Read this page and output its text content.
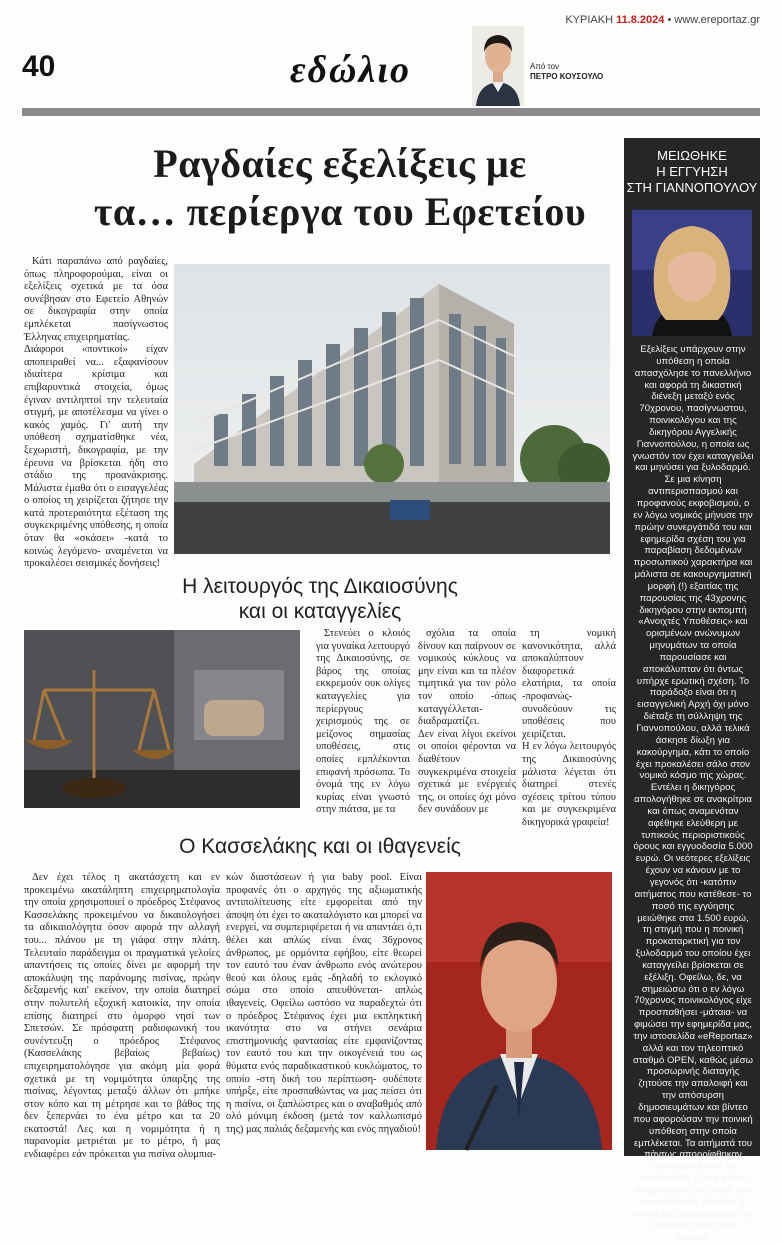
ΚΥΡΙΑΚΗ 11.8.2024 • www.ereportaz.gr
40	εδώλιο	Από τον
ΠΕΤΡΟ ΚΟΥΣΟΥΛΟ
Ραγδαίες εξελίξεις με
τα… περίεργα του Εφετείου
Κάτι παραπάνω από ραγδαίες, όπως πληροφορούμαι, είναι οι εξελίξεις σχετικά με τα όσα συνέβησαν στο Εφετείο Αθηνών σε δικογραφία στην οποία εμπλέκεται πασίγνωστος Έλληνας επιχειρηματίας.
Διάφοροι «ποντικοί» είχαν αποπειραθεί να... εξαφανίσουν ιδιαίτερα κρίσιμα και επιβαρυντικά στοιχεία, όμως έγιναν αντιληπτοί την τελευταία στιγμή, με αποτέλεσμα να γίνει ο κακός χαμός. Γι' αυτή την υπόθεση σχηματίσθηκε νέα, ξεχωριστή, δικογραφία, με την έρευνα να βρίσκεται ήδη στο στάδιο της προανάκρισης. Μάλιστα έμαθα ότι ο εισαγγελέας ο οποίος τη χειρίζεται ζήτησε την κατά προτεραιότητα εξέταση της συγκεκριμένης υπόθεσης, η οποία όταν θα «σκάσει» -κατά το κοινώς λεγόμενο- αναμένεται να προκαλέσει σεισμικές δονήσεις!
Η λειτουργός της Δικαιοσύνης
και οι καταγγελίες
Στενεύει ο κλοιός για γυναίκα λειτουργό της Δικαιοσύνης, σε βάρος της οποίας εκκρεμούν ουκ ολίγες καταγγελίες για περίεργους χειρισμούς της σε μείζονος σημασίας υποθέσεις, στις οποίες εμπλέκονται επιφανή πρόσωπα. Το όνομά της εν λόγω κυρίας είναι γνωστό στην πιάτσα, με τα
σχόλια τα οποία δίνουν και παίρνουν σε νομικούς κύκλους να μην είναι και τα πλέον τιμητικά για τον ρόλο τον οποίο -όπως καταγγέλλεται- διαδραματίζει.
Δεν είναι λίγοι εκείνοι οι οποίοι φέρονται να διαθέτουν συγκεκριμένα στοιχεία σχετικά με ενέργειές της, οι οποίες όχι μόνο δεν συνάδουν με
τη νομική κανονικότητα, αλλά αποκαλύπτουν διαφορετικά ελατήρια, τα οποία -προφανώς- συνοδεύουν τις υποθέσεις που χειρίζεται.
Η εν λόγω λειτουργός της Δικαιοσύνης μάλιστα λέγεται ότι διατηρεί στενές σχέσεις τρίτου τύπου και με συγκεκριμένα δικηγορικά γραφεία!
Ο Κασσελάκης και οι ιθαγενείς
Δεν έχει τέλος η ακατάσχετη και εν προκειμένω ακατάληπτη επιχειρηματολογία την οποία χρησιμοποιεί ο πρόεδρος Στέφανος Κασσελάκης προκειμένου να δικαιολογήσει τα αδικαιολόγητα όσον αφορά την αλλαγή του... πλάνου με τη γιάφα στην πλάτη. Τελευταίο παράδειγμα οι πραγματικά γελοίες απαντήσεις τις οποίες δίνει με αφορμή την αποκάλυψη της παράνομης πισίνας, πρώην δεξαμενής και' εκείνον, την οποία διατηρεί στην πολυτελή εξοχική κατοικία, την οποία επίσης διατηρεί στο όμορφο νησί των Σπετσών. Σε πρόσφατη ραδιοφωνική του συνέντευξη ο πρόεδρος Στέφανος (Κασσελάκης βεβαίως βεβαίως) επιχειρηματολόγησε για ακόμη μία φορά σχετικά με τη νομιμότητα ύπαρξης της πισίνας, λέγοντας μεταξύ άλλων ότι μπήκε στον κόπο και τη μέτρησε και το βάθος της δεν ξεπερνάει το ένα μέτρο και τα 20 εκατοστά! Λες και η νομιμότητα ή η παρανομία μετριέται με το μέτρο, ή μας ενδιαφέρει εάν πρόκειται για πισίνα ολυμπια-
κών διαστάσεων ή για baby pool. Είναι προφανές ότι ο αρχηγός της αξιωματικής αντιπολίτευσης είτε εμφορείται από την άποψη ότι έχει το ακαταλόγιστο και μπορεί να ενεργεί, να συμπεριφέρεται ή να απαντάει ό,τι θέλει και απλώς είναι ένας 36χρονος άνθρωπος, με ορμόνιτα εφήβου, είτε θεωρεί τον εαυτό του έναν άνθρωπο ενός ανώτερου θεού και όλους εμάς -δηλαδή το εκλογικό σώμα στο οποίο απευθύνεται- απλώς ιθαγενείς. Οφείλω ωστόσο να παραδεχτώ ότι ο πρόεδρος Στέφανος έχει μια εκπληκτική ικανότητα στο να στήνει σενάρια επιστημονικής φαντασίας είτε εμφανίζοντας τον εαυτό του και την οικογένειά του ως θύματα ενός παραδικαστικού κυκλώματος, το οποίο -στη δική του περίπτωση- ουδέποτε υπήρξε, είτε προσπαθώντας να μας πείσει ότι η πισίνα, οι ξαπλώστρες και ο αναβαθμός από ολό μόνιμη έκδοση (μετά τον καλλωπισμό της) μας παλιάς δεξαμενής και ενός πηγαδιού!
ΜΕΙΩΘΗΚΕ
Η ΕΓΓΥΗΣΗ
ΣΤΗ ΓΙΑΝΝΟΠΟΥΛΟΥ
Εξελίξεις υπάρχουν στην υπόθεση η οποία απασχόλησε το πανελλήνιο και αφορά τη δικαστική διένεξη μεταξύ ενός 70χρονου, πασίγνωστου, ποινικολόγου και της δικηγόρου Αγγελικής Γιαννοπούλου, η οποία ως γνωστόν τον έχει καταγγείλει και μηνύσει για ξυλοδαρμό. Σε μια κίνηση αντιπερισπασμού και προφανούς εκφοβισμού, ο εν λόγω νομικός μήνυσε την πρώην συνεργάτιδά του και εφημερίδα σχέση του για παραβίαση δεδομένων προσωπικού χαρακτήρα και μάλιστα σε κακουργηματική μορφή (!) εξαιτίας της παρουσίας της 43χρονης δικηγόρου στην εκπομπή «Ανοιχτές Υποθέσεις» και ορισμένων ανώνυμων μηνυμάτων τα οποία παρουσίασε και αποκάλυπταν ότι όντως υπήρχε ερωτική σχέση. Το παράδοξο είναι ότι η εισαγγελική Αρχή όχι μόνο διέταξε τη σύλληψη της Γιαννοπούλου, αλλά τελικά άσκησε δίωξη για κακούργημα, κάτι το οποίο έχει προκαλέσει σάλο στον νομικό κόσμο της χώρας. Εντέλει η δικηγόρος απολογήθηκε σε ανακρίτρια και όπως αναμενόταν αφέθηκε ελεύθερη με τυπικούς περιοριστικούς όρους και εγγυοδοσία 5.000 ευρώ. Οι νεότερες εξελίξεις έχουν να κάνουν με το γεγονός ότι -κατόπιν αιτήματος που κατέθεσε- το ποσό της εγγύησης μειώθηκε στα 1.500 ευρώ, τη στιγμή που η ποινική προκαταρκτική για τον ξυλοδαρμό του οποίου έχει καταγγείλει βρίσκεται σε εξέλιξη. Οφείλω, δε, να σημειώσω ότι ο εν λόγω 70χρονος ποινικολόγος είχε προσπαθήσει -μάταια- να φιμώσει την εφημερίδα μας, την ιστοσελίδα «eReportaz» αλλά και τον τηλεοπτικό σταθμό OPEN, καθώς μέσω προσωρινής διαταγής ζητούσε την απαλοιφή και την απόσυρση δημοσιευμάτων και βίντεο που αφορούσαν την ποινική υπόθεση στην οποία εμπλέκεται. Τα αιτήματά του πάντως απορρίφθηκαν πανηγυρικά από τη δικαστική Αρχή και πλέον αναμένεται η συζήτηση των ασφαλιστικών μέτρων, η οποία έχει προσδιοριστεί σε μερικούς μήνες από σήμερα.
